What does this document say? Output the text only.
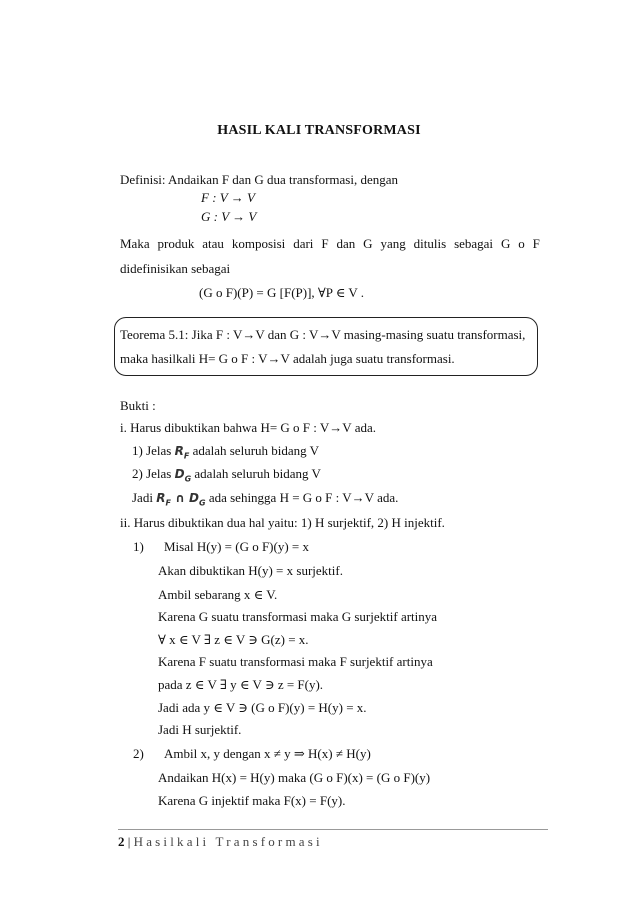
HASIL KALI TRANSFORMASI
Definisi: Andaikan F dan G dua transformasi, dengan
F : V → V
G : V → V
Maka produk atau komposisi dari F dan G yang ditulis sebagai G o F
didefinisikan sebagai
(G o F)(P) = G [F(P)], ∀P ∈ V .
Teorema 5.1: Jika F : V→V dan G : V→V masing-masing suatu transformasi,
maka hasilkali H= G o F : V→V adalah juga suatu transformasi.
Bukti :
i. Harus dibuktikan bahwa H= G o F : V→V ada.
1) Jelas $R_F$ adalah seluruh bidang V
2) Jelas $D_G$ adalah seluruh bidang V
Jadi $R_F$ ∩ $D_G$ ada sehingga H = G o F : V→V ada.
ii. Harus dibuktikan dua hal yaitu: 1) H surjektif, 2) H injektif.
1) Misal H(y) = (G o F)(y) = x
Akan dibuktikan H(y) = x surjektif.
Ambil sebarang x ∈ V.
Karena G suatu transformasi maka G surjektif artinya
∀ x ∈ V ∃ z ∈ V ∋ G(z) = x.
Karena F suatu transformasi maka F surjektif artinya
pada z ∈ V ∃ y ∈ V ∋ z = F(y).
Jadi ada y ∈ V ∋ (G o F)(y) = H(y) = x.
Jadi H surjektif.
2) Ambil x, y dengan x ≠ y ⇒ H(x) ≠ H(y)
Andaikan H(x) = H(y) maka (G o F)(x) = (G o F)(y)
Karena G injektif maka F(x) = F(y).
2 | Hasilkali Transformasi
